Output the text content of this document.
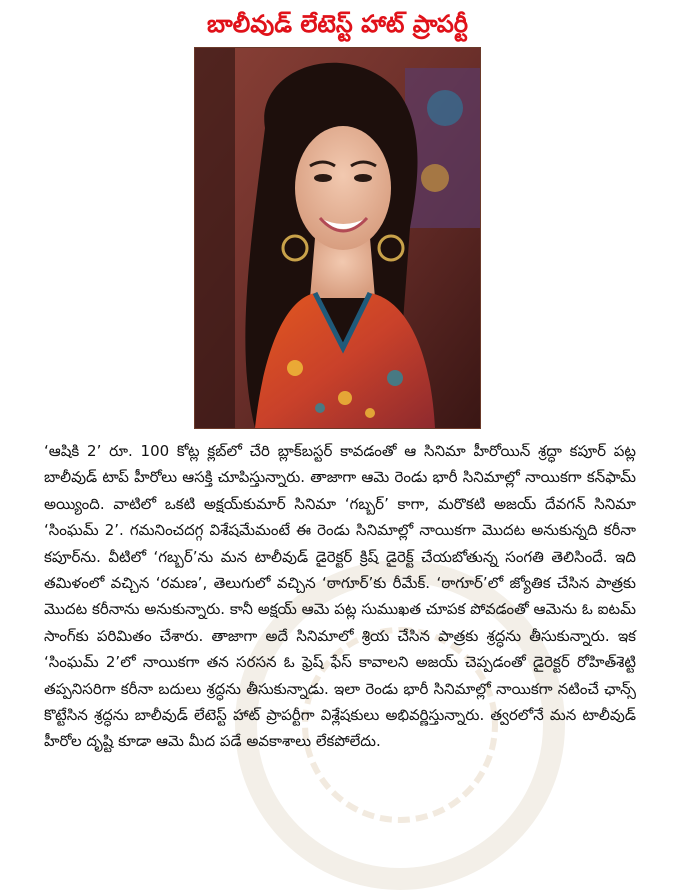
బాలీవుడ్ లేటెస్ట్ హాట్ ప్రాపర్టీ

‘ఆషికి 2’ రూ. 100 కోట్ల క్లబ్‌లో చేరి బ్లాక్‌బస్టర్ కావడంతో ఆ సినిమా హీరోయిన్ శ్రద్ధా కపూర్ పట్ల బాలీవుడ్ టాప్ హీరోలు ఆసక్తి చూపిస్తున్నారు. తాజాగా ఆమె రెండు భారీ సినిమాల్లో నాయికగా కన్‌ఫామ్ అయ్యింది. వాటిలో ఒకటి అక్షయ్‌కుమార్ సినిమా ‘గబ్బర్’ కాగా, మరొకటి అజయ్ దేవగన్ సినిమా ‘సింఘమ్ 2’. గమనించదగ్గ విశేషమేమంటే ఈ రెండు సినిమాల్లో నాయికగా మొదట అనుకున్నది కరీనా కపూర్‌ను. వీటిలో ‘గబ్బర్’ను మన టాలీవుడ్ డైరెక్టర్ క్రిష్ డైరెక్ట్ చేయబోతున్న సంగతి తెలిసిందే. ఇది తమిళంలో వచ్చిన ‘రమణ’, తెలుగులో వచ్చిన ‘ఠాగూర్’కు రీమేక్. ‘ఠాగూర్’లో జ్యోతిక చేసిన పాత్రకు మొదట కరీనాను అనుకున్నారు. కానీ అక్షయ్ ఆమె పట్ల సుముఖత చూపక పోవడంతో ఆమెను ఓ ఐటమ్ సాంగ్‌కు పరిమితం చేశారు. తాజాగా అదే సినిమాలో శ్రియ చేసిన పాత్రకు శ్రద్ధను తీసుకున్నారు. ఇక ‘సింఘమ్ 2’లో నాయికగా తన సరసన ఓ ఫ్రెష్ ఫేస్ కావాలని అజయ్ చెప్పడంతో డైరెక్టర్ రోహిత్‌శెట్టి తప్పనిసరిగా కరీనా బదులు శ్రద్ధను తీసుకున్నాడు. ఇలా రెండు భారీ సినిమాల్లో నాయికగా నటించే ఛాన్స్ కొట్టేసిన శ్రద్ధను బాలీవుడ్ లేటెస్ట్ హాట్ ప్రాపర్టీగా విశ్లేషకులు అభివర్ణిస్తున్నారు. త్వరలోనే మన టాలీవుడ్ హీరోల దృష్టి కూడా ఆమె మీద పడే అవకాశాలు లేకపోలేదు.
